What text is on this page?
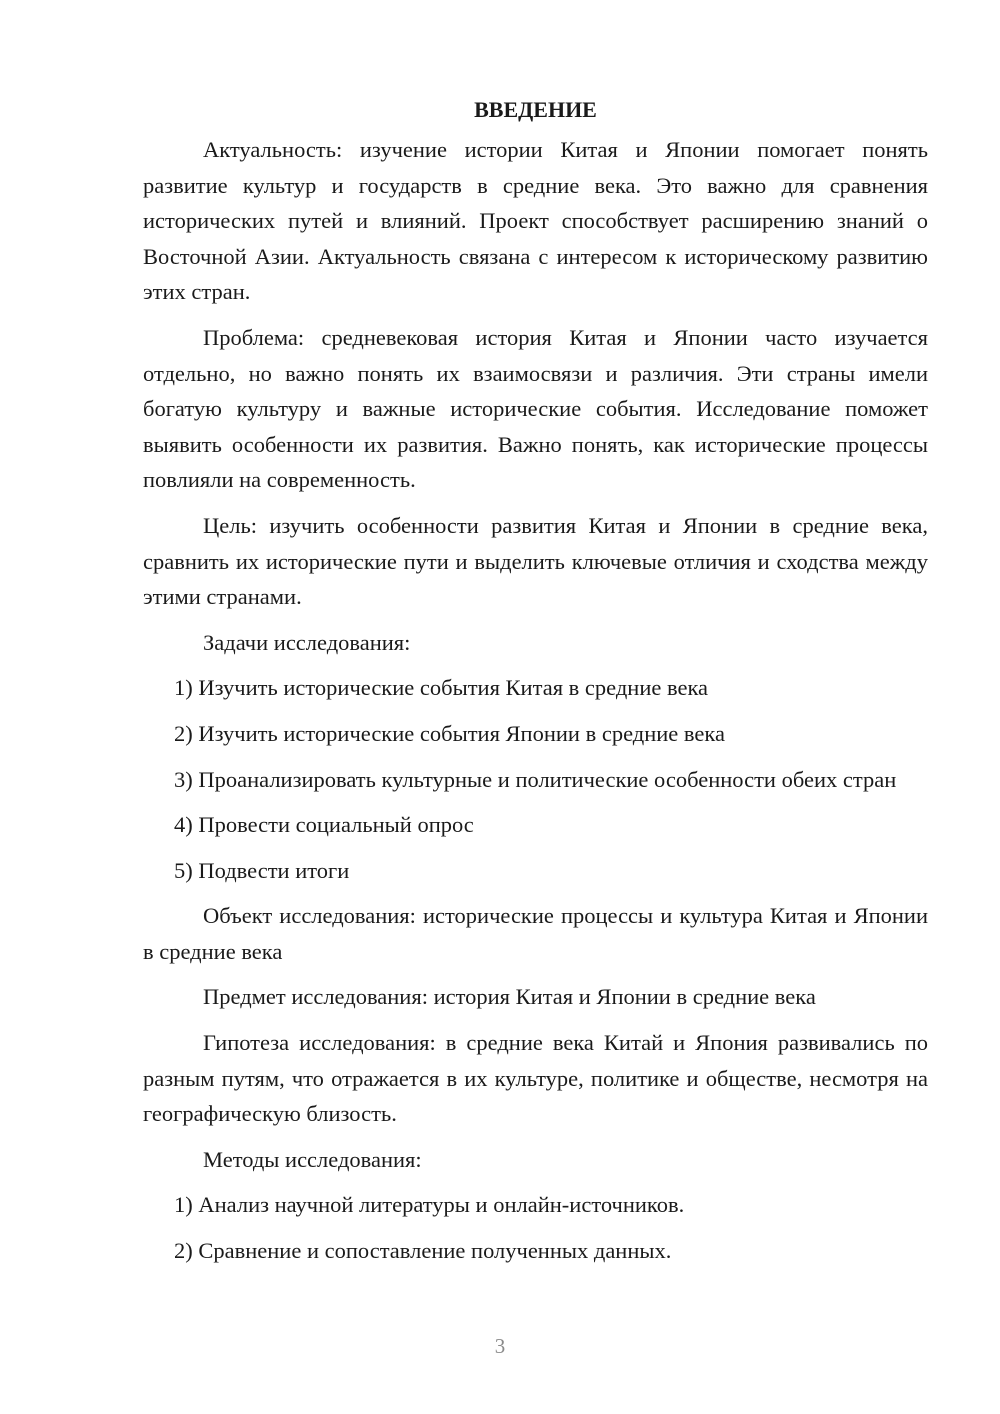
ВВЕДЕНИЕ

Актуальность: изучение истории Китая и Японии помогает понять развитие культур и государств в средние века. Это важно для сравнения исторических путей и влияний. Проект способствует расширению знаний о Восточной Азии. Актуальность связана с интересом к историческому развитию этих стран.

Проблема: средневековая история Китая и Японии часто изучается отдельно, но важно понять их взаимосвязи и различия. Эти страны имели богатую культуру и важные исторические события. Исследование поможет выявить особенности их развития. Важно понять, как исторические процессы повлияли на современность.

Цель: изучить особенности развития Китая и Японии в средние века, сравнить их исторические пути и выделить ключевые отличия и сходства между этими странами.

Задачи исследования:

1) Изучить исторические события Китая в средние века

2) Изучить исторические события Японии в средние века

3) Проанализировать культурные и политические особенности обеих стран

4) Провести социальный опрос

5) Подвести итоги

Объект исследования: исторические процессы и культура Китая и Японии в средние века

Предмет исследования: история Китая и Японии в средние века

Гипотеза исследования: в средние века Китай и Япония развивались по разным путям, что отражается в их культуре, политике и обществе, несмотря на географическую близость.

Методы исследования:

1) Анализ научной литературы и онлайн-источников.

2) Сравнение и сопоставление полученных данных.

3
